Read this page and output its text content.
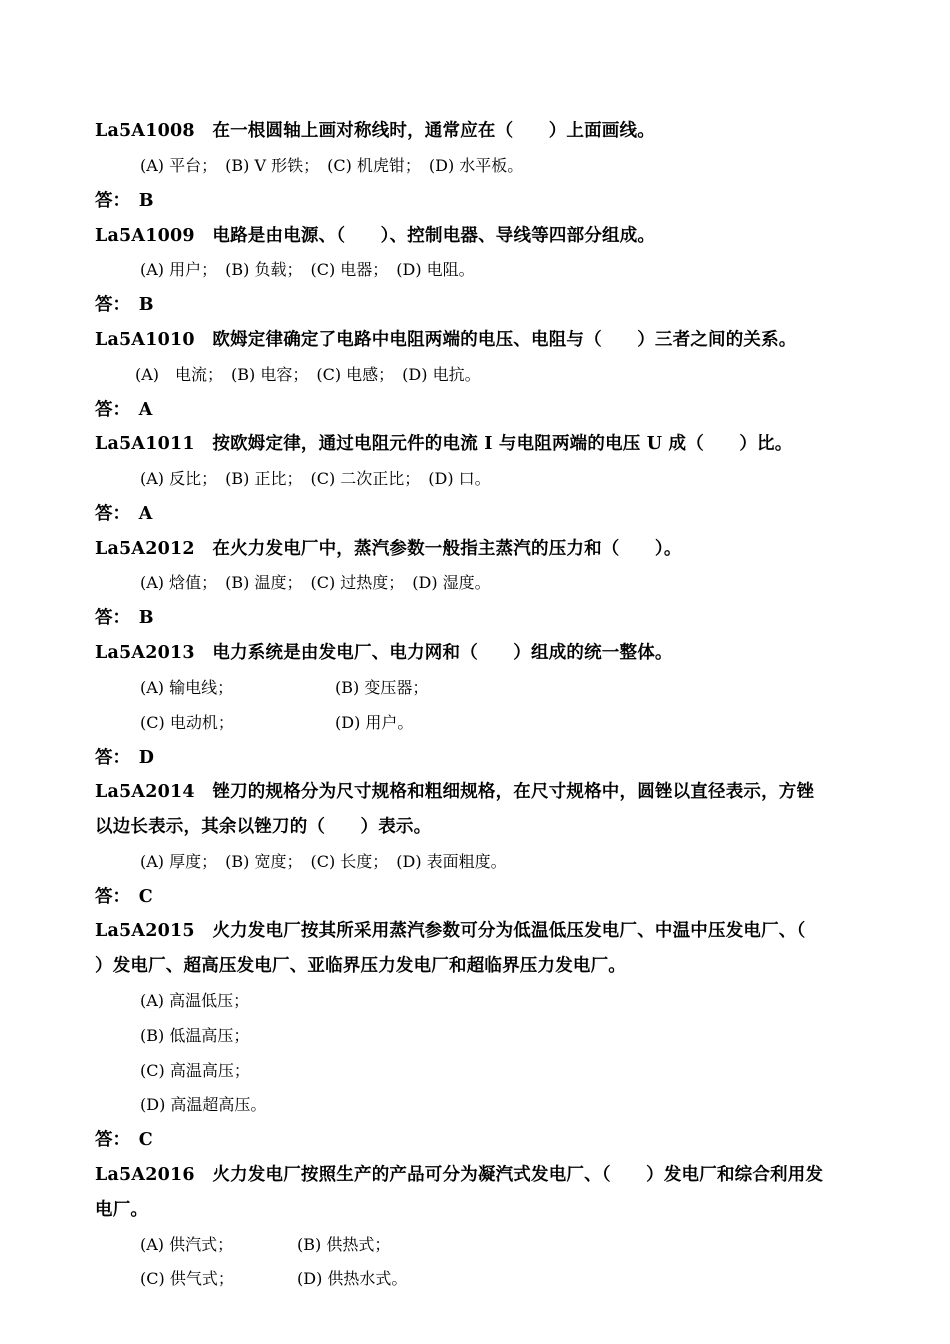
La5A1008　在一根圆轴上画对称线时，通常应在（　　）上面画线。
(A) 平台；　(B) V 形铁；　(C) 机虎钳；　(D) 水平板。
答：　B
La5A1009　电路是由电源、（　　）、控制电器、导线等四部分组成。
(A) 用户；　(B) 负载；　(C) 电器；　(D) 电阻。
答：　B
La5A1010　欧姆定律确定了电路中电阻两端的电压、电阻与（　　）三者之间的关系。
(A)　电流；　(B) 电容；　(C) 电感；　(D) 电抗。
答：　A
La5A1011　按欧姆定律，通过电阻元件的电流 I 与电阻两端的电压 U 成（　　）比。
(A) 反比；　(B) 正比；　(C) 二次正比；　(D) 口。
答：　A
La5A2012　在火力发电厂中，蒸汽参数一般指主蒸汽的压力和（　　）。
(A) 焓值；　(B) 温度；　(C) 过热度；　(D) 湿度。
答：　B
La5A2013　电力系统是由发电厂、电力网和（　　）组成的统一整体。
(A) 输电线；	(B) 变压器；
(C) 电动机；	(D) 用户。
答：　D
La5A2014　锉刀的规格分为尺寸规格和粗细规格，在尺寸规格中，圆锉以直径表示，方锉
以边长表示，其余以锉刀的（　　）表示。
(A) 厚度；　(B) 宽度；　(C) 长度；　(D) 表面粗度。
答：　C
La5A2015　火力发电厂按其所采用蒸汽参数可分为低温低压发电厂、中温中压发电厂、（
）发电厂、超高压发电厂、亚临界压力发电厂和超临界压力发电厂。
(A) 高温低压；
(B) 低温高压；
(C) 高温高压；
(D) 高温超高压。
答：　C
La5A2016　火力发电厂按照生产的产品可分为凝汽式发电厂、（　　）发电厂和综合利用发
电厂。
(A) 供汽式；	(B) 供热式；
(C) 供气式；	(D) 供热水式。
